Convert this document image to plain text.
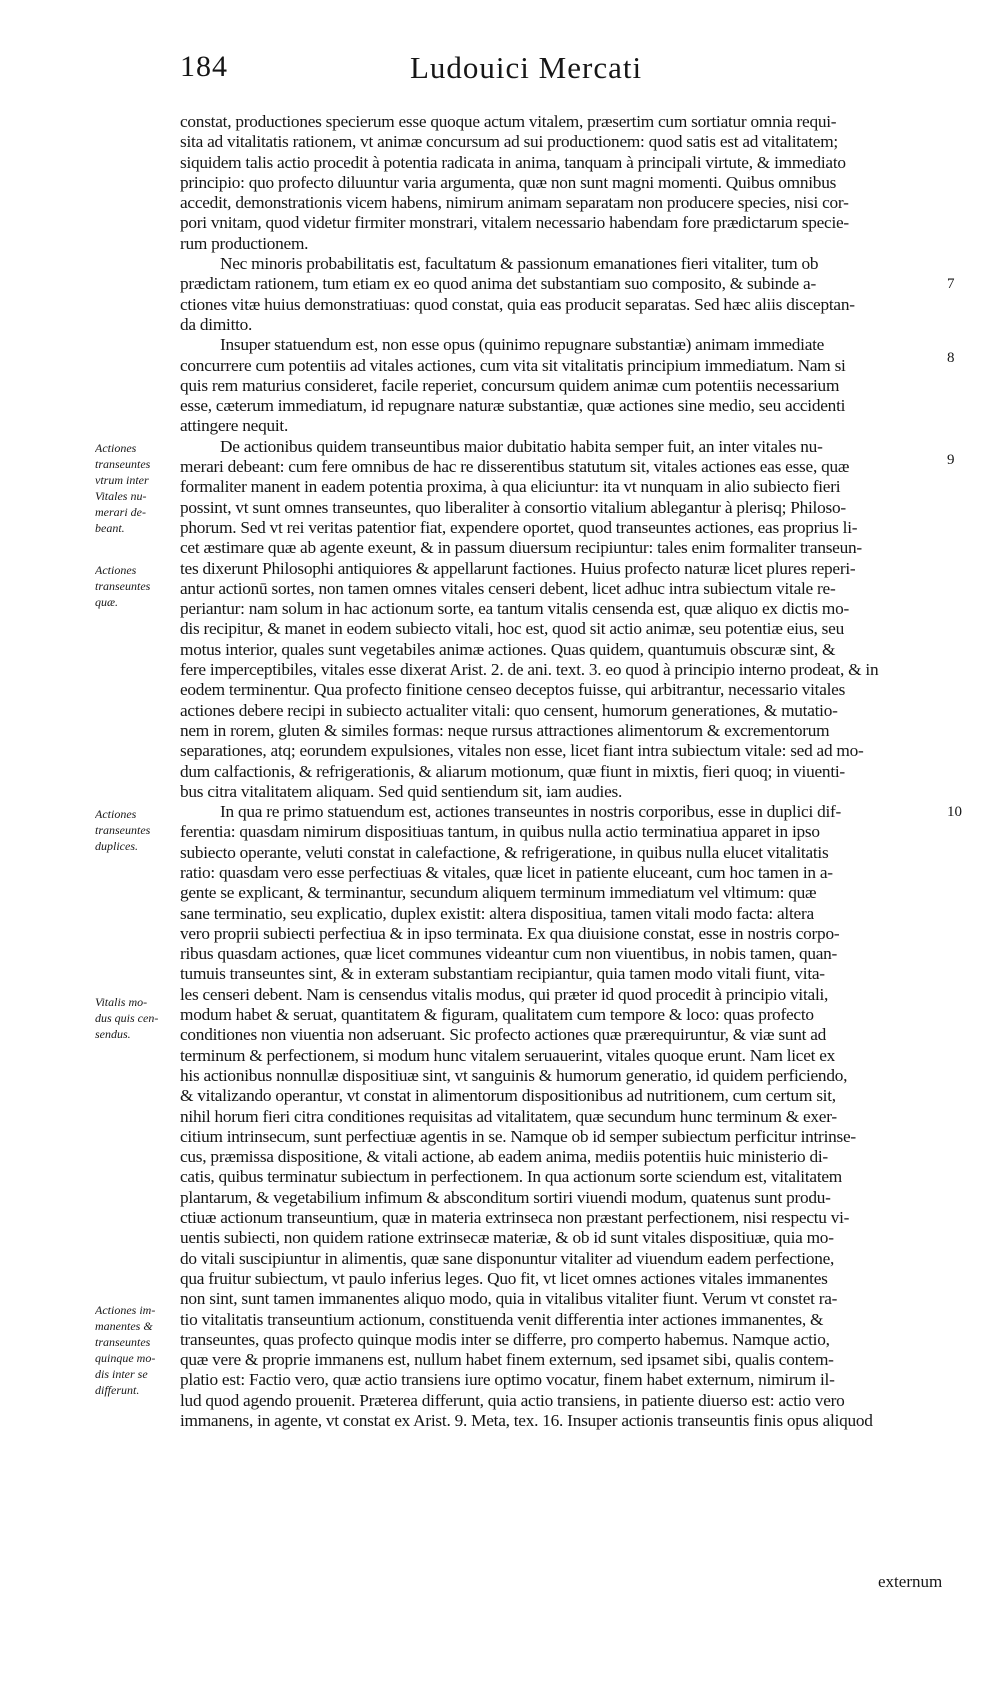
184	Ludouici Mercati
constat, productiones specierum esse quoque actum vitalem, præsertim cum sortiatur omnia requi-
sita ad vitalitatis rationem, vt animæ concursum ad sui productionem: quod satis est ad vitalitatem;
siquidem talis actio procedit à potentia radicata in anima, tanquam à principali virtute, & immediato
principio: quo profecto diluuntur varia argumenta, quæ non sunt magni momenti. Quibus omnibus
accedit, demonstrationis vicem habens, nimirum animam separatam non producere species, nisi cor-
pori vnitam, quod videtur firmiter monstrari, vitalem necessario habendam fore prædictarum specie-
rum productionem.
Nec minoris probabilitatis est, facultatum & passionum emanationes fieri vitaliter, tum ob
prædictam rationem, tum etiam ex eo quod anima det substantiam suo composito, & subinde a-
ctiones vitæ huius demonstratiuas: quod constat, quia eas producit separatas. Sed hæc aliis disceptan-
da dimitto.
Insuper statuendum est, non esse opus (quinimo repugnare substantiæ) animam immediate
concurrere cum potentiis ad vitales actiones, cum vita sit vitalitatis principium immediatum. Nam si
quis rem maturius consideret, facile reperiet, concursum quidem animæ cum potentiis necessarium
esse, cæterum immediatum, id repugnare naturæ substantiæ, quæ actiones sine medio, seu accidenti
attingere nequit.
De actionibus quidem transeuntibus maior dubitatio habita semper fuit, an inter vitales nu-
merari debeant: cum fere omnibus de hac re disserentibus statutum sit, vitales actiones eas esse, quæ
formaliter manent in eadem potentia proxima, à qua eliciuntur: ita vt nunquam in alio subiecto fieri
possint, vt sunt omnes transeuntes, quo liberaliter à consortio vitalium ablegantur à plerisq; Philoso-
phorum. Sed vt rei veritas patentior fiat, expendere oportet, quod transeuntes actiones, eas proprius li-
cet æstimare quæ ab agente exeunt, & in passum diuersum recipiuntur: tales enim formaliter transeun-
tes dixerunt Philosophi antiquiores & appellarunt factiones. Huius profecto naturæ licet plures reperi-
antur actionū sortes, non tamen omnes vitales censeri debent, licet adhuc intra subiectum vitale re-
periantur: nam solum in hac actionum sorte, ea tantum vitalis censenda est, quæ aliquo ex dictis mo-
dis recipitur, & manet in eodem subiecto vitali, hoc est, quod sit actio animæ, seu potentiæ eius, seu
motus interior, quales sunt vegetabiles animæ actiones. Quas quidem, quantumuis obscuræ sint, &
fere imperceptibiles, vitales esse dixerat Arist. 2. de ani. text. 3. eo quod à principio interno prodeat, & in
eodem terminentur. Qua profecto finitione censeo deceptos fuisse, qui arbitrantur, necessario vitales
actiones debere recipi in subiecto actualiter vitali: quo censent, humorum generationes, & mutatio-
nem in rorem, gluten & similes formas: neque rursus attractiones alimentorum & excrementorum
separationes, atq; eorundem expulsiones, vitales non esse, licet fiant intra subiectum vitale: sed ad mo-
dum calfactionis, & refrigerationis, & aliarum motionum, quæ fiunt in mixtis, fieri quoq; in viuenti-
bus citra vitalitatem aliquam. Sed quid sentiendum sit, iam audies.
In qua re primo statuendum est, actiones transeuntes in nostris corporibus, esse in duplici dif-
ferentia: quasdam nimirum dispositiuas tantum, in quibus nulla actio terminatiua apparet in ipso
subiecto operante, veluti constat in calefactione, & refrigeratione, in quibus nulla elucet vitalitatis
ratio: quasdam vero esse perfectiuas & vitales, quæ licet in patiente eluceant, cum hoc tamen in a-
gente se explicant, & terminantur, secundum aliquem terminum immediatum vel vltimum: quæ
sane terminatio, seu explicatio, duplex existit: altera dispositiua, tamen vitali modo facta: altera
vero proprii subiecti perfectiua & in ipso terminata. Ex qua diuisione constat, esse in nostris corpo-
ribus quasdam actiones, quæ licet communes videantur cum non viuentibus, in nobis tamen, quan-
tumuis transeuntes sint, & in exteram substantiam recipiantur, quia tamen modo vitali fiunt, vita-
les censeri debent. Nam is censendus vitalis modus, qui præter id quod procedit à principio vitali,
modum habet & seruat, quantitatem & figuram, qualitatem cum tempore & loco: quas profecto
conditiones non viuentia non adseruant. Sic profecto actiones quæ prærequiruntur, & viæ sunt ad
terminum & perfectionem, si modum hunc vitalem seruauerint, vitales quoque erunt. Nam licet ex
his actionibus nonnullæ dispositiuæ sint, vt sanguinis & humorum generatio, id quidem perficiendo,
& vitalizando operantur, vt constat in alimentorum dispositionibus ad nutritionem, cum certum sit,
nihil horum fieri citra conditiones requisitas ad vitalitatem, quæ secundum hunc terminum & exer-
citium intrinsecum, sunt perfectiuæ agentis in se. Namque ob id semper subiectum perficitur intrinse-
cus, præmissa dispositione, & vitali actione, ab eadem anima, mediis potentiis huic ministerio di-
catis, quibus terminatur subiectum in perfectionem. In qua actionum sorte sciendum est, vitalitatem
plantarum, & vegetabilium infimum & absconditum sortiri viuendi modum, quatenus sunt produ-
ctiuæ actionum transeuntium, quæ in materia extrinseca non præstant perfectionem, nisi respectu vi-
uentis subiecti, non quidem ratione extrinsecæ materiæ, & ob id sunt vitales dispositiuæ, quia mo-
do vitali suscipiuntur in alimentis, quæ sane disponuntur vitaliter ad viuendum eadem perfectione,
qua fruitur subiectum, vt paulo inferius leges. Quo fit, vt licet omnes actiones vitales immanentes
non sint, sunt tamen immanentes aliquo modo, quia in vitalibus vitaliter fiunt. Verum vt constet ra-
tio vitalitatis transeuntium actionum, constituenda venit differentia inter actiones immanentes, &
transeuntes, quas profecto quinque modis inter se differre, pro comperto habemus. Namque actio,
quæ vere & proprie immanens est, nullum habet finem externum, sed ipsamet sibi, qualis contem-
platio est: Factio vero, quæ actio transiens iure optimo vocatur, finem habet externum, nimirum il-
lud quod agendo prouenit. Præterea differunt, quia actio transiens, in patiente diuerso est: actio vero
immanens, in agente, vt constat ex Arist. 9. Meta, tex. 16. Insuper actionis transeuntis finis opus aliquod
externum
Actiones
transeuntes
vtrum inter
Vitales nu-
merari de-
beant.
Actiones
transeuntes
quæ.
Actiones
transeuntes
duplices.
Vitalis mo-
dus quis cen-
sendus.
Actiones im-
manentes &
transeuntes
quinque mo-
dis inter se
differunt.
7
8
9
10
